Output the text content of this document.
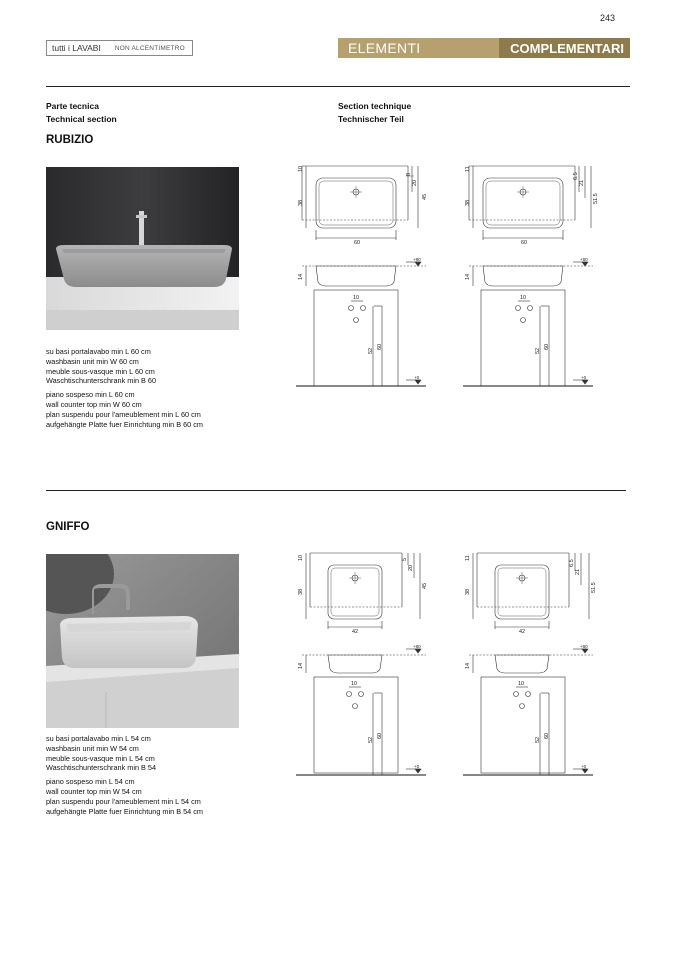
243
tutti i LAVABI NON ALCENTIMETRO	ELEMENTI	COMPLEMENTARI
Parte tecnica
Technical section
Section technique
Technischer Teil
RUBIZIO

su basi portalavabo min L 60 cm
washbasin unit min W 60 cm
meuble sous-vasque min L 60 cm
Waschtischunterschrank min B 60

piano sospeso min L 60 cm
wall counter top min W 60 cm
plan suspendu pour l'ameublement min L 60 cm
aufgehängte Platte fuer Einrichtung min B 60 cm

60
10
38
8
20
45
14
10
52
60
+80
+0
60
11
38
6.5
21
51.5
14
10
52
60
+80
+0
GNIFFO

su basi portalavabo min L 54 cm
washbasin unit min W 54 cm
meuble sous-vasque min L 54 cm
Waschtischunterschrank min B 54

piano sospeso min L 54 cm
wall counter top min W 54 cm
plan suspendu pour l'ameublement min L 54 cm
aufgehängte Platte fuer Einrichtung min B 54 cm

42
10
38
5
20
45
14
10
52
60
+80
+0
42
11
38
6.5
21
51.5
14
10
52
60
+80
+0
